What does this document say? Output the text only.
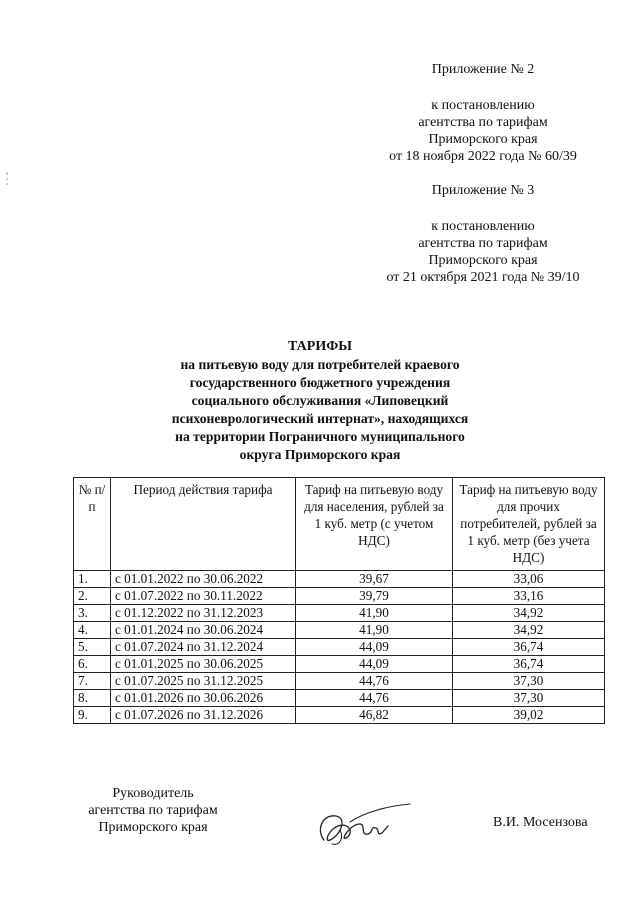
Приложение № 2
к постановлению
агентства по тарифам
Приморского края
от 18 ноября 2022 года № 60/39
Приложение № 3
к постановлению
агентства по тарифам
Приморского края
от 21 октября 2021 года № 39/10
ТАРИФЫ
на питьевую воду для потребителей краевого
государственного бюджетного учреждения
социального обслуживания «Липовецкий
психоневрологический интернат», находящихся
на территории Пограничного муниципального
округа Приморского края
№ п/п	Период действия тарифа	Тариф на питьевую воду для населения, рублей за 1 куб. метр (с учетом НДС)	Тариф на питьевую воду для прочих потребителей, рублей за 1 куб. метр (без учета НДС)
1.	с 01.01.2022 по 30.06.2022	39,67	33,06
2.	с 01.07.2022 по 30.11.2022	39,79	33,16
3.	с 01.12.2022 по 31.12.2023	41,90	34,92
4.	с 01.01.2024 по 30.06.2024	41,90	34,92
5.	с 01.07.2024 по 31.12.2024	44,09	36,74
6.	с 01.01.2025 по 30.06.2025	44,09	36,74
7.	с 01.07.2025 по 31.12.2025	44,76	37,30
8.	с 01.01.2026 по 30.06.2026	44,76	37,30
9.	с 01.07.2026 по 31.12.2026	46,82	39,02
Руководитель
агентства по тарифам
Приморского края	В.И. Мосензова
